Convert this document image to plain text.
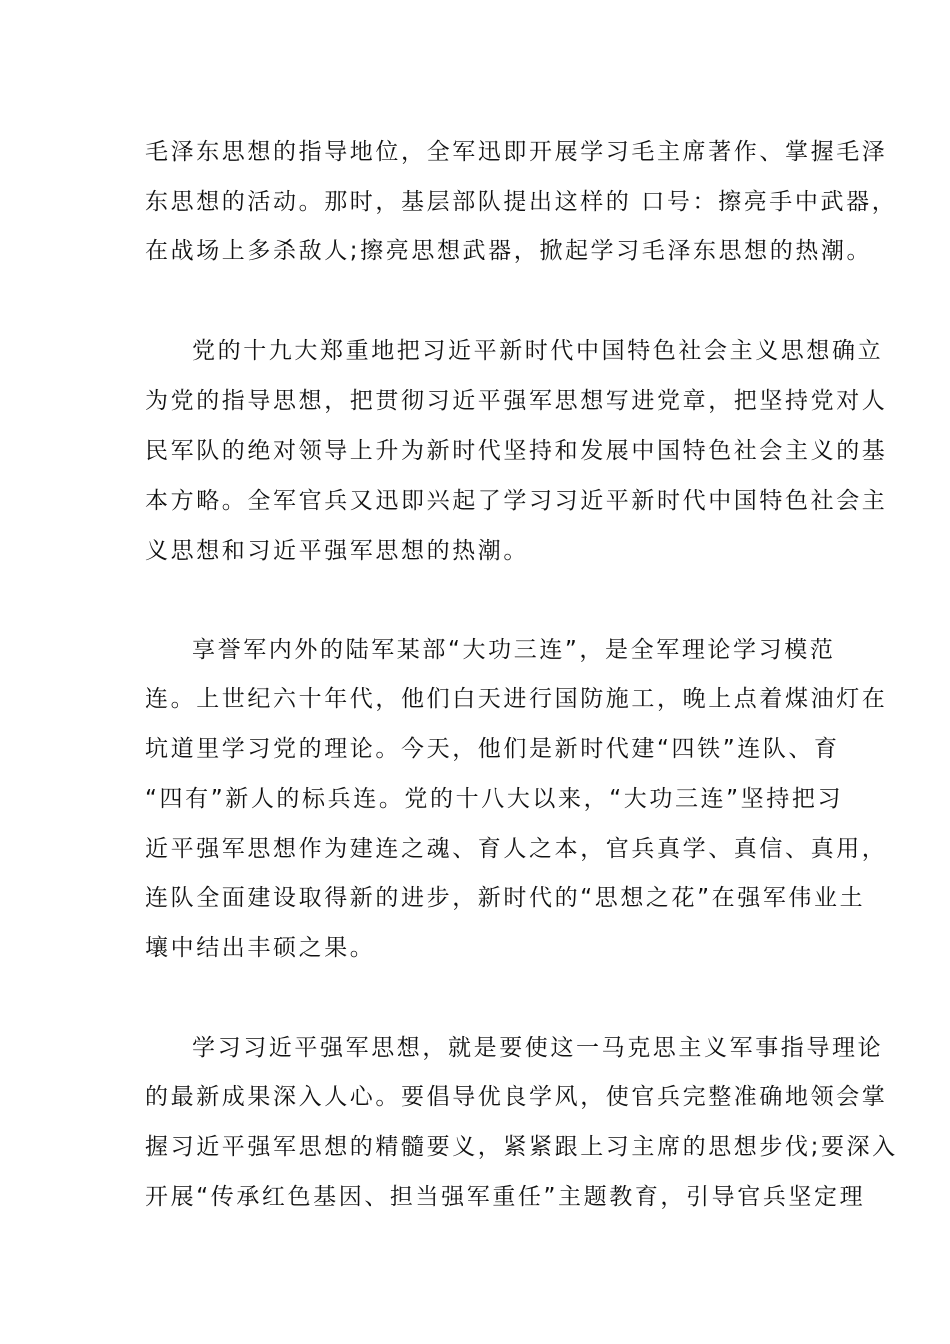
毛泽东思想的指导地位，全军迅即开展学习毛主席著作、掌握毛泽
东思想的活动。那时，基层部队提出这样的 口号：擦亮手中武器，
在战场上多杀敌人;擦亮思想武器，掀起学习毛泽东思想的热潮。
党的十九大郑重地把习近平新时代中国特色社会主义思想确立
为党的指导思想，把贯彻习近平强军思想写进党章，把坚持党对人
民军队的绝对领导上升为新时代坚持和发展中国特色社会主义的基
本方略。全军官兵又迅即兴起了学习习近平新时代中国特色社会主
义思想和习近平强军思想的热潮。
享誉军内外的陆军某部“大功三连”，是全军理论学习模范
连。上世纪六十年代，他们白天进行国防施工，晚上点着煤油灯在
坑道里学习党的理论。今天，他们是新时代建“四铁”连队、育
“四有”新人的标兵连。党的十八大以来，“大功三连”坚持把习
近平强军思想作为建连之魂、育人之本，官兵真学、真信、真用，
连队全面建设取得新的进步，新时代的“思想之花”在强军伟业土
壤中结出丰硕之果。
学习习近平强军思想，就是要使这一马克思主义军事指导理论
的最新成果深入人心。要倡导优良学风，使官兵完整准确地领会掌
握习近平强军思想的精髓要义，紧紧跟上习主席的思想步伐;要深入
开展“传承红色基因、担当强军重任”主题教育，引导官兵坚定理
